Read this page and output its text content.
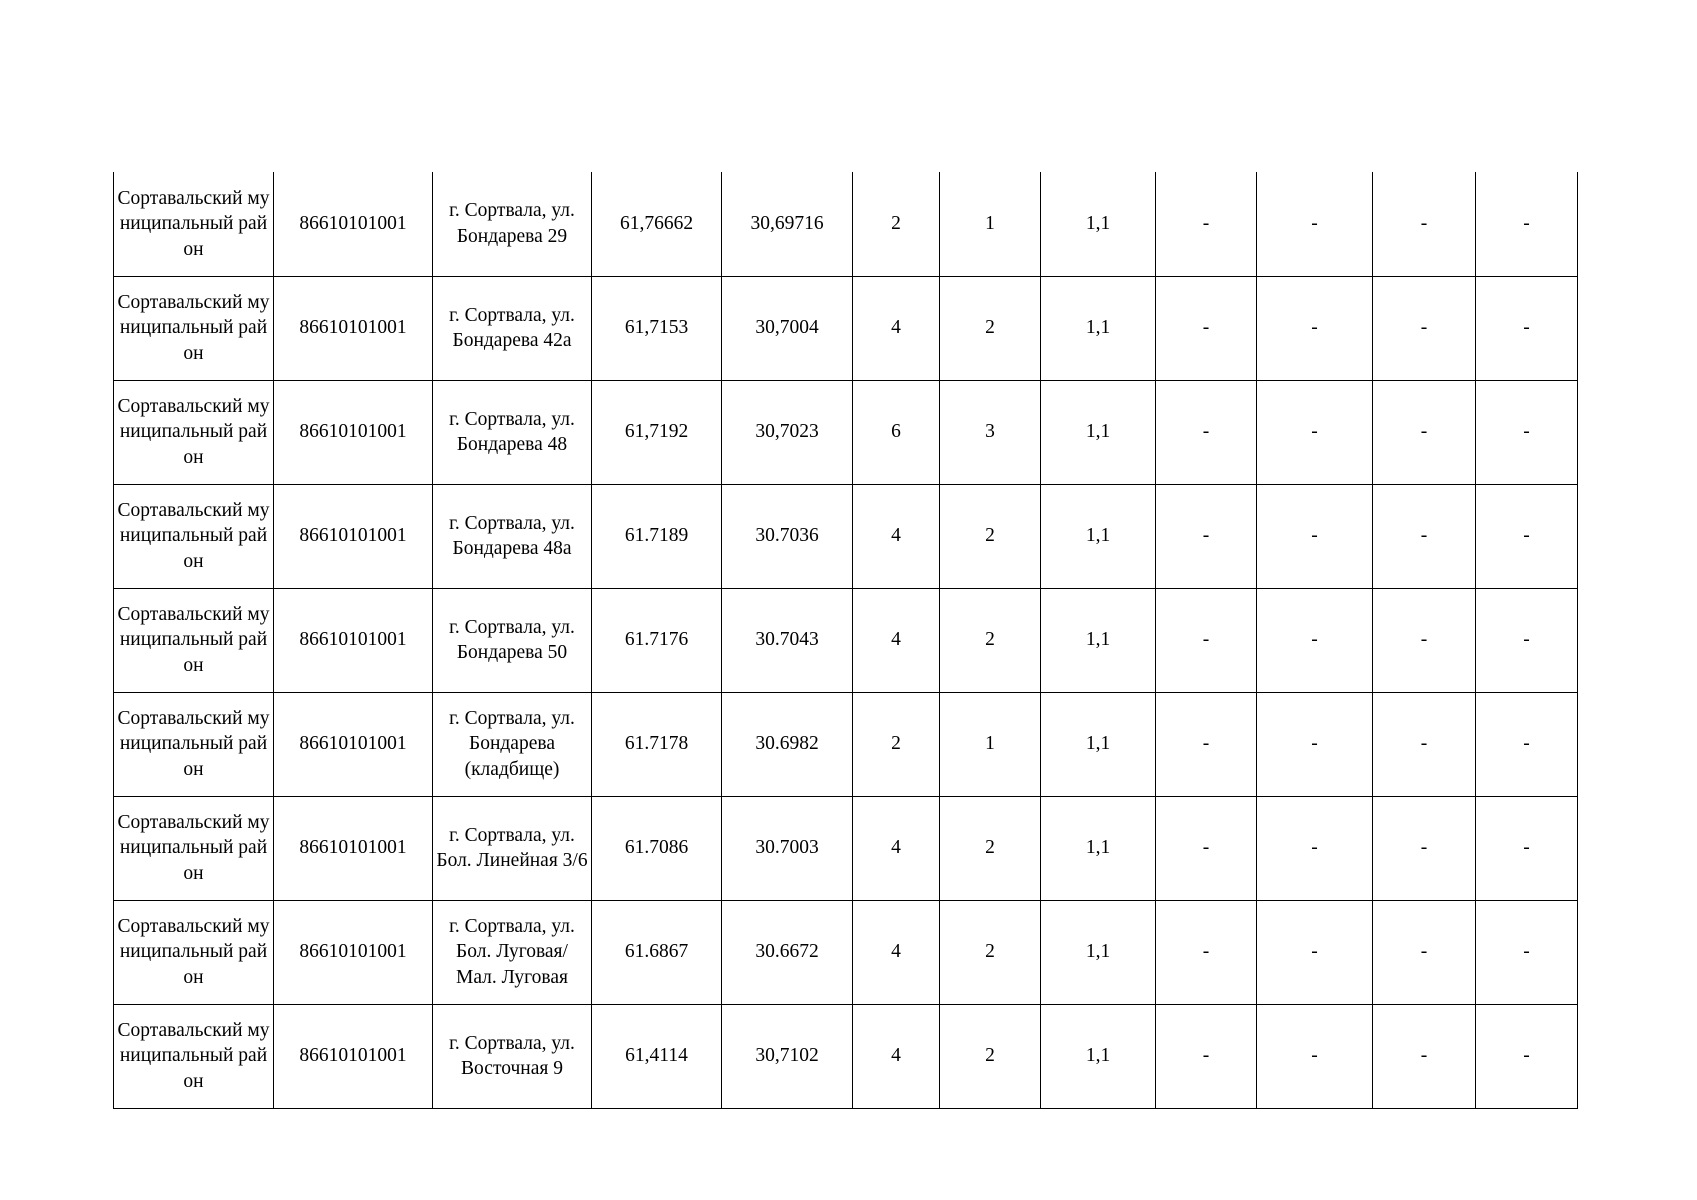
Сортавальский муниципальный район	86610101001	г. Сортвала, ул. Бондарева 29	61,76662	30,69716	2	1	1,1	-	-	-	-
Сортавальский муниципальный район	86610101001	г. Сортвала, ул. Бондарева 42а	61,7153	30,7004	4	2	1,1	-	-	-	-
Сортавальский муниципальный район	86610101001	г. Сортвала, ул. Бондарева 48	61,7192	30,7023	6	3	1,1	-	-	-	-
Сортавальский муниципальный район	86610101001	г. Сортвала, ул. Бондарева 48а	61.7189	30.7036	4	2	1,1	-	-	-	-
Сортавальский муниципальный район	86610101001	г. Сортвала, ул. Бондарева 50	61.7176	30.7043	4	2	1,1	-	-	-	-
Сортавальский муниципальный район	86610101001	г. Сортвала, ул. Бондарева (кладбище)	61.7178	30.6982	2	1	1,1	-	-	-	-
Сортавальский муниципальный район	86610101001	г. Сортвала, ул. Бол. Линейная 3/6	61.7086	30.7003	4	2	1,1	-	-	-	-
Сортавальский муниципальный район	86610101001	г. Сортвала, ул. Бол. Луговая/Мал. Луговая	61.6867	30.6672	4	2	1,1	-	-	-	-
Сортавальский муниципальный район	86610101001	г. Сортвала, ул. Восточная 9	61,4114	30,7102	4	2	1,1	-	-	-	-
